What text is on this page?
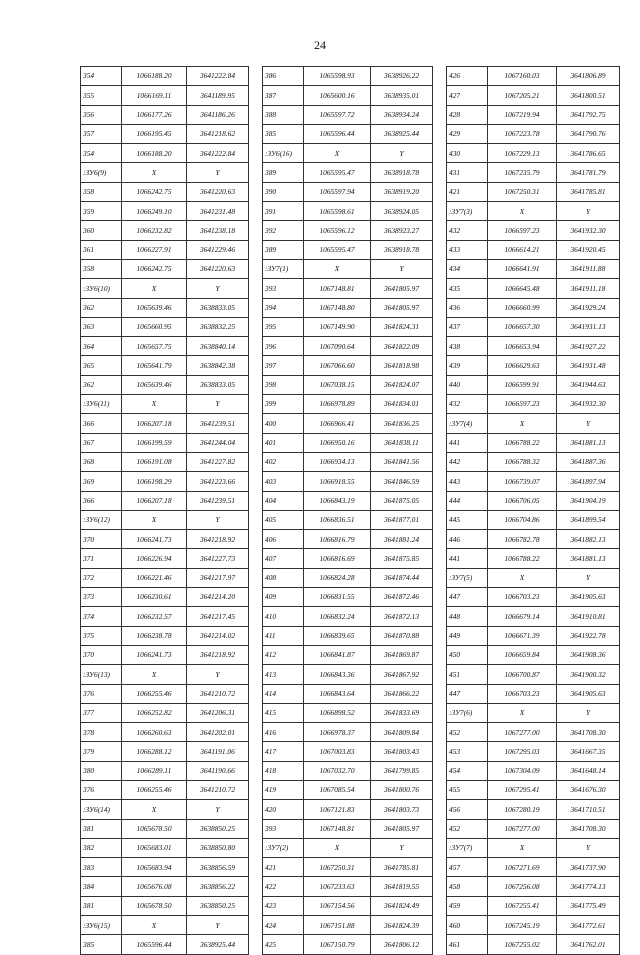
24
354	1066188.20	3641222.84
355	1066169.11	3641189.95
356	1066177.26	3641186.26
357	1066195.45	3641218.62
354	1066188.20	3641222.84
:ЗУ6(9)	X	Y
358	1066242.75	3641220.63
359	1066249.10	3641231.48
360	1066232.82	3641238.18
361	1066227.91	3641229.46
358	1066242.75	3641220.63
:ЗУ6(10)	X	Y
362	1065639.46	3638833.05
363	1065660.95	3638832.25
364	1065657.75	3638840.14
365	1065641.79	3638842.38
362	1065639.46	3638833.05
:ЗУ6(11)	X	Y
366	1066207.18	3641239.51
367	1066199.59	3641244.04
368	1066191.08	3641227.82
369	1066198.29	3641223.66
366	1066207.18	3641239.51
:ЗУ6(12)	X	Y
370	1066241.73	3641218.92
371	1066226.94	3641227.73
372	1066221.46	3641217.97
373	1066230.61	3641214.20
374	1066232.57	3641217.45
375	1066238.78	3641214.02
370	1066241.73	3641218.92
:ЗУ6(13)	X	Y
376	1066255.46	3641210.72
377	1066252.82	3641206.31
378	1066260.63	3641202.01
379	1066288.12	3641191.06
380	1066289.11	3641190.66
376	1066255.46	3641210.72
:ЗУ6(14)	X	Y
381	1065678.50	3638850.25
382	1065683.01	3638850.80
383	1065683.94	3638856.59
384	1065676.08	3638856.22
381	1065678.50	3638850.25
:ЗУ6(15)	X	Y
385	1065596.44	3638925.44
386	1065598.93	3638926.22
387	1065600.16	3638935.01
388	1065597.72	3638934.24
385	1065596.44	3638925.44
:ЗУ6(16)	X	Y
389	1065595.47	3638918.78
390	1065597.94	3638919.20
391	1065598.61	3638924.05
392	1065596.12	3638923.27
389	1065595.47	3638918.78
:ЗУ7(1)	X	Y
393	1067148.81	3641805.97
394	1067148.80	3641805.97
395	1067149.90	3641824.31
396	1067090.64	3641822.09
397	1067066.60	3641818.98
398	1067038.15	3641824.07
399	1066978.89	3641834.01
400	1066966.41	3641836.25
401	1066950.16	3641838.11
402	1066934.13	3641841.56
403	1066918.55	3641846.59
404	1066843.19	3641875.05
405	1066836.51	3641877.01
406	1066816.79	3641881.24
407	1066816.69	3641875.85
408	1066824.28	3641874.44
409	1066831.55	3641872.46
410	1066832.24	3641872.13
411	1066839.65	3641870.88
412	1066841.87	3641869.87
413	1066843.36	3641867.92
414	1066843.64	3641866.22
415	1066898.52	3641833.69
416	1066978.37	3641809.84
417	1067003.83	3641803.43
418	1067032.70	3641799.85
419	1067085.54	3641800.76
420	1067121.83	3641803.73
393	1067148.81	3641805.97
:ЗУ7(2)	X	Y
421	1067250.31	3641785.81
422	1067233.63	3641819.55
423	1067154.56	3641824.49
424	1067151.88	3641824.39
425	1067150.79	3641806.12
426	1067160.03	3641806.89
427	1067205.21	3641800.51
428	1067219.94	3641792.75
429	1067223.78	3641790.76
430	1067229.13	3641786.65
431	1067235.79	3641781.79
421	1067250.31	3641785.81
:ЗУ7(3)	X	Y
432	1066597.23	3641932.30
433	1066614.21	3641920.45
434	1066641.91	3641911.88
435	1066645.48	3641911.18
436	1066660.99	3641929.24
437	1066657.30	3641931.13
438	1066653.94	3641927.22
439	1066629.63	3641931.48
440	1066599.91	3641944.63
432	1066597.23	3641932.30
:ЗУ7(4)	X	Y
441	1066788.22	3641881.13
442	1066788.32	3641887.36
443	1066739.07	3641897.94
444	1066706.05	3641904.19
445	1066704.86	3641899.54
446	1066782.78	3641882.13
441	1066788.22	3641881.13
:ЗУ7(5)	X	Y
447	1066703.23	3641905.63
448	1066679.14	3641910.81
449	1066671.39	3641922.78
450	1066659.84	3641908.36
451	1066700.87	3641900.32
447	1066703.23	3641905.63
:ЗУ7(6)	X	Y
452	1067277.00	3641708.30
453	1067295.03	3641667.35
454	1067304.09	3641648.14
455	1067295.41	3641676.30
456	1067280.19	3641710.51
452	1067277.00	3641708.30
:ЗУ7(7)	X	Y
457	1067271.69	3641737.90
458	1067256.08	3641774.13
459	1067255.41	3641775.49
460	1067245.19	3641772.61
461	1067255.02	3641762.01
